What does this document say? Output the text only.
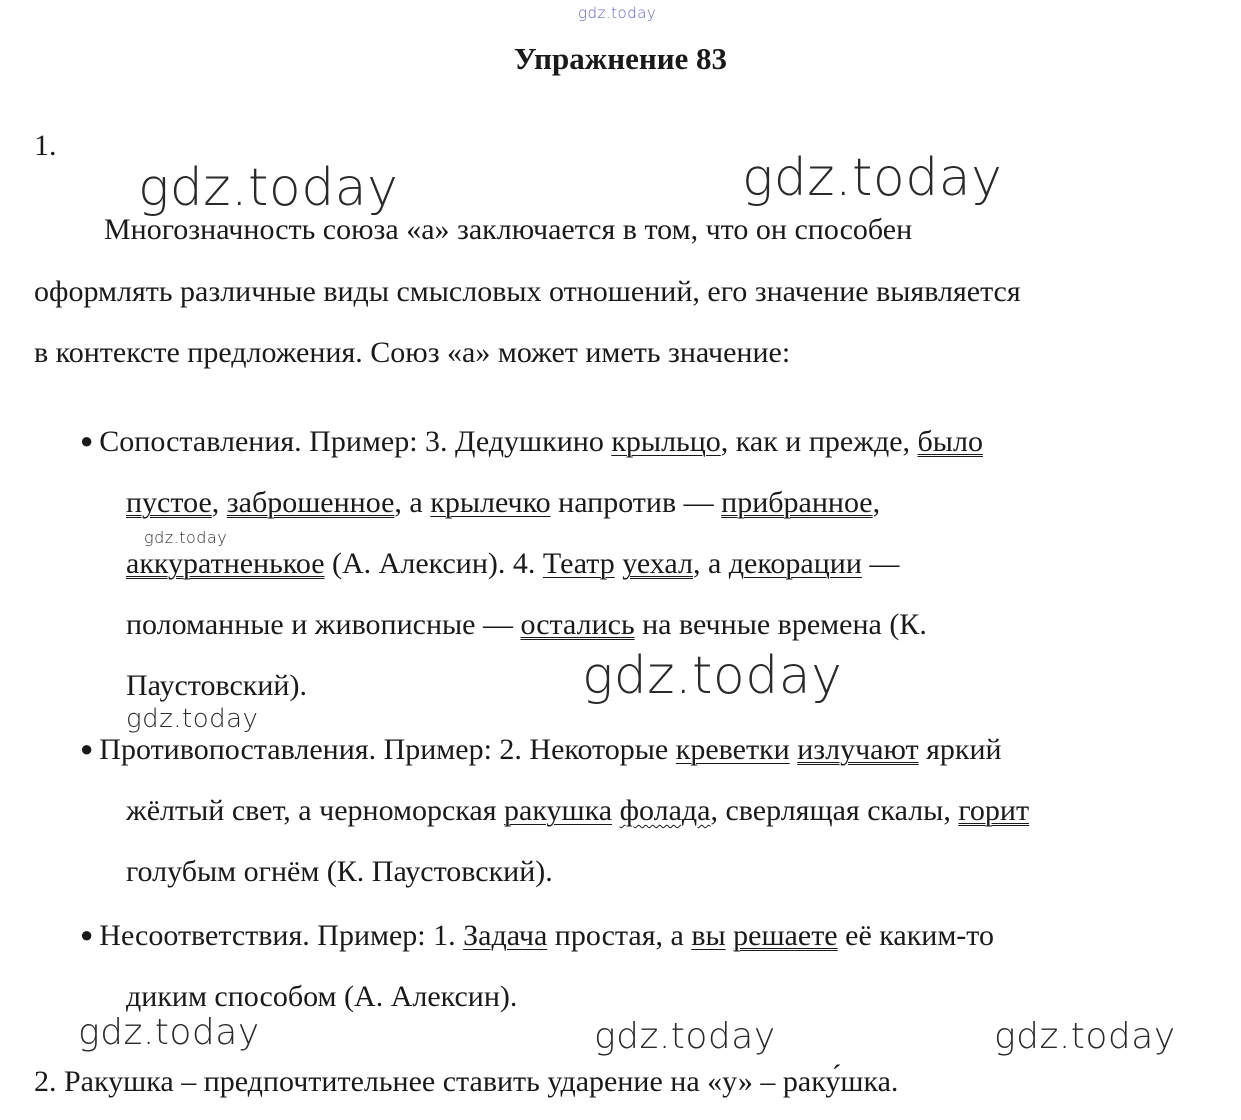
gdz.today
gdz.today	gdz.today
gdz.today
gdz.today
gdz.today
gdz.today	gdz.today	gdz.today
Упражнение 83
1.
Многозначность союза «а» заключается в том, что он способен
оформлять различные виды смысловых отношений, его значение выявляется
в контексте предложения. Союз «а» может иметь значение:
● Сопоставления. Пример: 3. Дедушкино крыльцо, как и прежде, было
пустое, заброшенное, а крылечко напротив — прибранное,
аккуратненькое (А. Алексин). 4. Театр уехал, а декорации —
поломанные и живописные — остались на вечные времена (К.
Паустовский).
● Противопоставления. Пример: 2. Некоторые креветки излучают яркий
жёлтый свет, а черноморская ракушка фолада, сверлящая скалы, горит
голубым огнём (К. Паустовский).
● Несоответствия. Пример: 1. Задача простая, а вы решаете её каким-то
диким способом (А. Алексин).
2. Ракушка – предпочтительнее ставить ударение на «у» – раку́шка.
